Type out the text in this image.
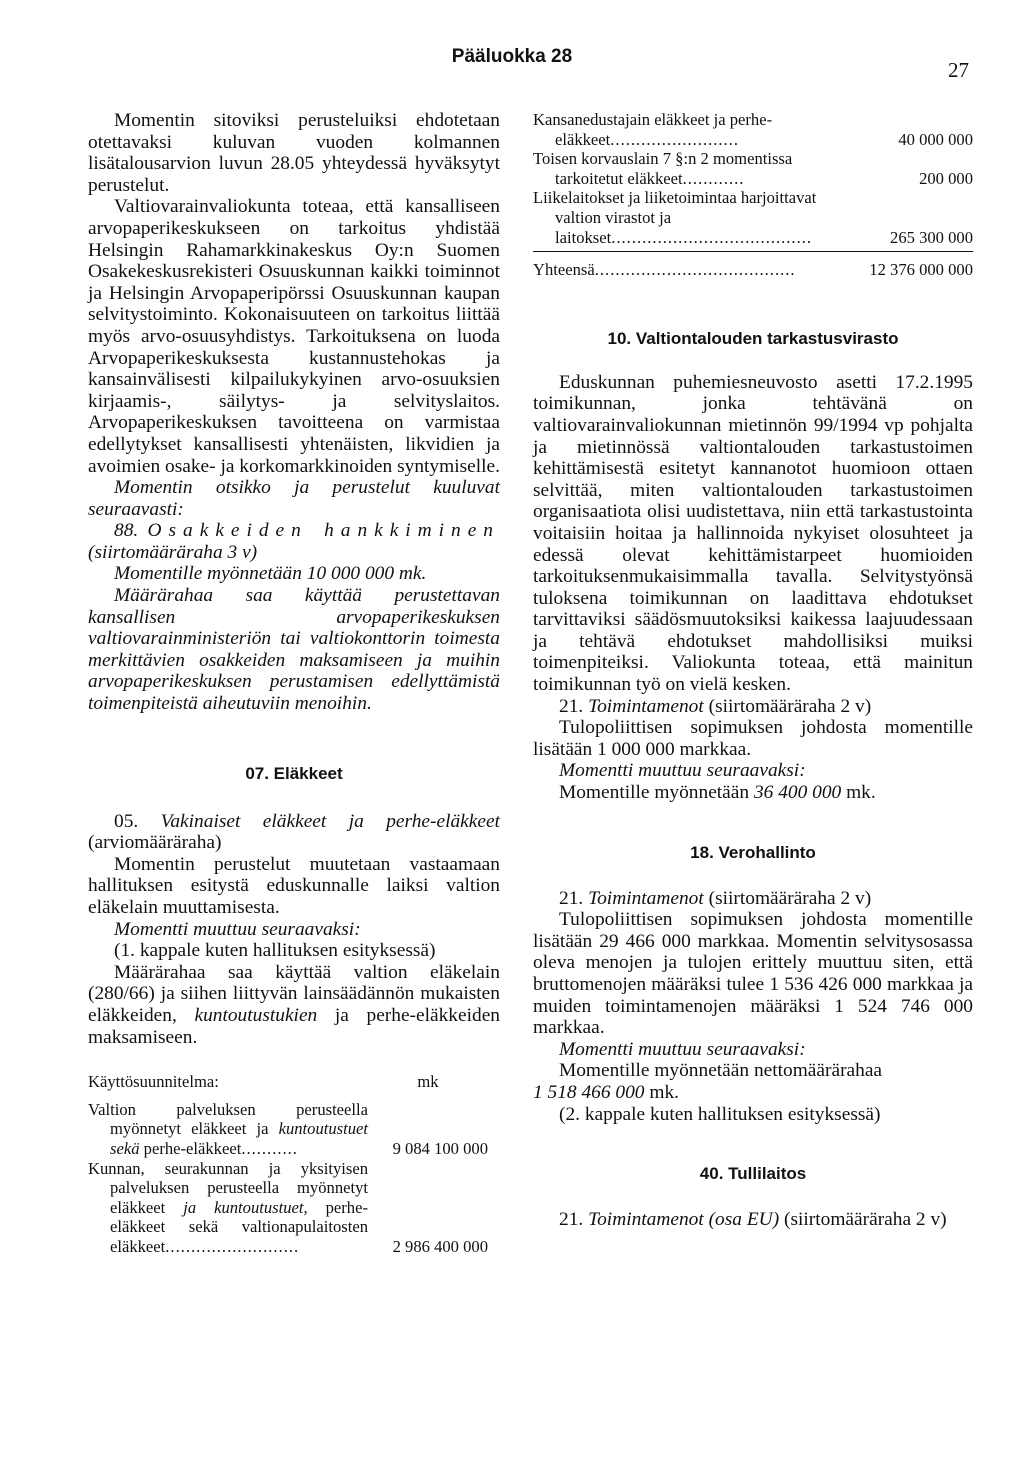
Pääluokka 28
27

Momentin sitoviksi perusteluiksi ehdotetaan otettavaksi kuluvan vuoden kolmannen lisätalousarvion luvun 28.05 yhteydessä hyväksytyt perustelut.

Valtiovarainvaliokunta toteaa, että kansalliseen arvopaperikeskukseen on tarkoitus yhdistää Helsingin Rahamarkkinakeskus Oy:n Suomen Osakekeskusrekisteri Osuuskunnan kaikki toiminnot ja Helsingin Arvopaperipörssi Osuuskunnan kaupan selvitystoiminto. Kokonaisuuteen on tarkoitus liittää myös arvo-osuusyhdistys. Tarkoituksena on luoda Arvopaperikeskuksesta kustannustehokas ja kansainvälisesti kilpailukykyinen arvo-osuuksien kirjaamis-, säilytys- ja selvityslaitos. Arvopaperikeskuksen tavoitteena on varmistaa edellytykset kansallisesti yhtenäisten, likvidien ja avoimien osake- ja korkomarkkinoiden syntymiselle.

Momentin otsikko ja perustelut kuuluvat seuraavasti:

88. Osakkeiden hankkiminen (siirtomääräraha 3 v)

Momentille myönnetään 10 000 000 mk.

Määrärahaa saa käyttää perustettavan kansallisen arvopaperikeskuksen valtiovarainministeriön tai valtiokonttorin toimesta merkittävien osakkeiden maksamiseen ja muihin arvopaperikeskuksen perustamisen edellyttämistä toimenpiteistä aiheutuviin menoihin.

07. Eläkkeet

05. Vakinaiset eläkkeet ja perhe-eläkkeet (arviomääräraha)

Momentin perustelut muutetaan vastaamaan hallituksen esitystä eduskunnalle laiksi valtion eläkelain muuttamisesta.

Momentti muuttuu seuraavaksi:

(1. kappale kuten hallituksen esityksessä)

Määrärahaa saa käyttää valtion eläkelain (280/66) ja siihen liittyvän lainsäädännön mukaisten eläkkeiden, kuntoutustukien ja perhe-eläkkeiden maksamiseen.

Käyttösuunnitelma:	mk
Valtion palveluksen perusteella myönnetyt eläkkeet ja kuntoutustuet sekä perhe-eläkkeet...........	9 084 100 000
Kunnan, seurakunnan ja yksityisen palveluksen perusteella myönnetyt eläkkeet ja kuntoutustuet, perhe-eläkkeet sekä valtionapulaitosten eläkkeet..........................	2 986 400 000
Kansanedustajain eläkkeet ja perhe-eläkkeet.........................	40 000 000
Toisen korvauslain 7 §:n 2 momentissa tarkoitetut eläkkeet............	200 000
Liikelaitokset ja liiketoimintaa harjoittavat valtion virastot ja laitokset.......................................	265 300 000
Yhteensä.......................................	12 376 000 000
10. Valtiontalouden tarkastusvirasto

Eduskunnan puhemiesneuvosto asetti 17.2.1995 toimikunnan, jonka tehtävänä on valtiovarainvaliokunnan mietinnön 99/1994 vp pohjalta ja mietinnössä valtiontalouden tarkastustoimen kehittämisestä esitetyt kannanotot huomioon ottaen selvittää, miten valtiontalouden tarkastustoimen organisaatiota olisi uudistettava, niin että tarkastustointa voitaisiin hoitaa ja hallinnoida nykyiset olosuhteet ja edessä olevat kehittämistarpeet huomioiden tarkoituksenmukaisimmalla tavalla. Selvitystyönsä tuloksena toimikunnan on laadittava ehdotukset tarvittaviksi säädösmuutoksiksi kaikessa laajuudessaan ja tehtävä ehdotukset mahdollisiksi muiksi toimenpiteiksi. Valiokunta toteaa, että mainitun toimikunnan työ on vielä kesken.

21. Toimintamenot (siirtomääräraha 2 v)

Tulopoliittisen sopimuksen johdosta momentille lisätään 1 000 000 markkaa.

Momentti muuttuu seuraavaksi:

Momentille myönnetään 36 400 000 mk.

18. Verohallinto

21. Toimintamenot (siirtomääräraha 2 v)

Tulopoliittisen sopimuksen johdosta momentille lisätään 29 466 000 markkaa. Momentin selvitysosassa oleva menojen ja tulojen erittely muuttuu siten, että bruttomenojen määräksi tulee 1 536 426 000 markkaa ja muiden toimintamenojen määräksi 1 524 746 000 markkaa.

Momentti muuttuu seuraavaksi:

Momentille myönnetään nettomäärärahaa

1 518 466 000 mk.

(2. kappale kuten hallituksen esityksessä)

40. Tullilaitos

21. Toimintamenot (osa EU) (siirtomääräraha 2 v)
